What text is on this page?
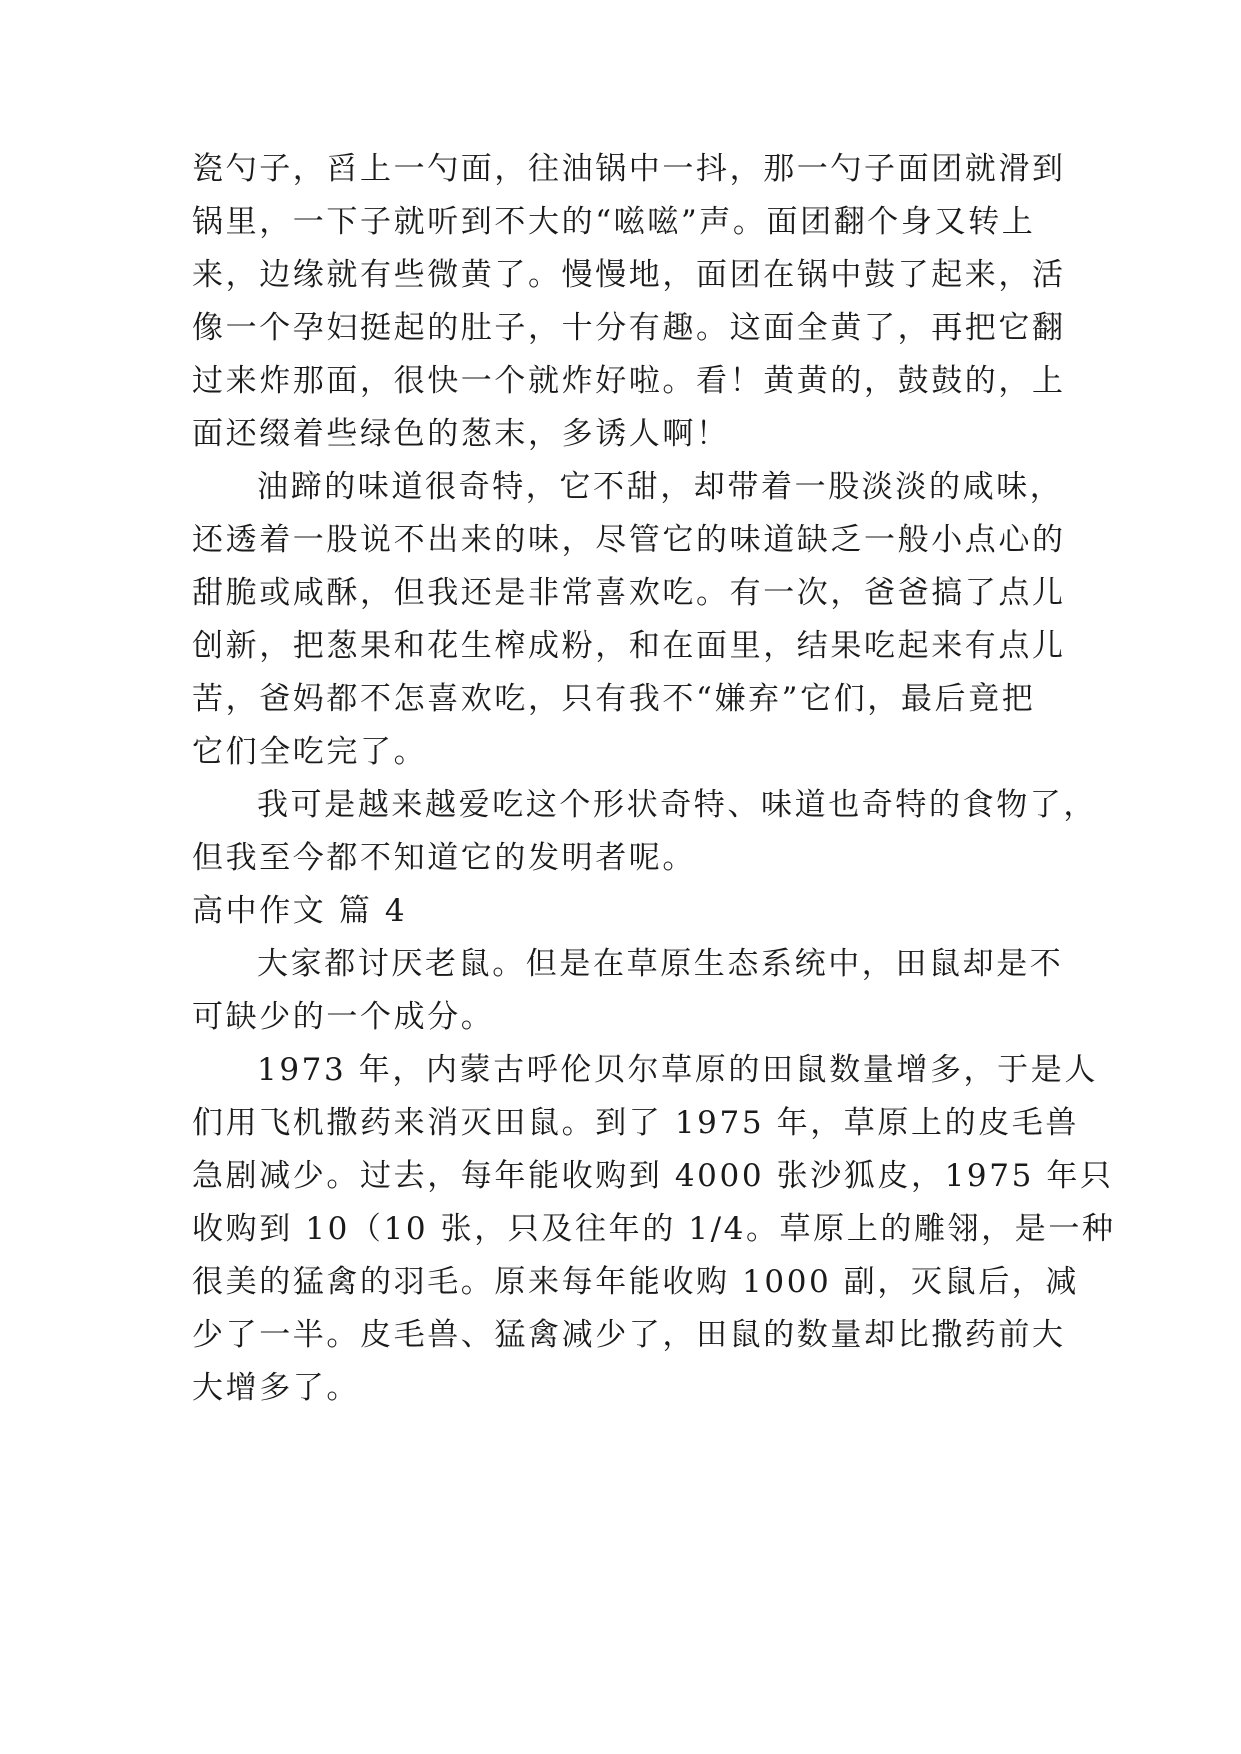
瓷勺子，舀上一勺面，往油锅中一抖，那一勺子面团就滑到
锅里，一下子就听到不大的“嗞嗞”声。面团翻个身又转上
来，边缘就有些微黄了。慢慢地，面团在锅中鼓了起来，活
像一个孕妇挺起的肚子，十分有趣。这面全黄了，再把它翻
过来炸那面，很快一个就炸好啦。看！黄黄的，鼓鼓的，上
面还缀着些绿色的葱末，多诱人啊！
油蹄的味道很奇特，它不甜，却带着一股淡淡的咸味，
还透着一股说不出来的味，尽管它的味道缺乏一般小点心的
甜脆或咸酥，但我还是非常喜欢吃。有一次，爸爸搞了点儿
创新，把葱果和花生榨成粉，和在面里，结果吃起来有点儿
苦，爸妈都不怎喜欢吃，只有我不“嫌弃”它们，最后竟把
它们全吃完了。
我可是越来越爱吃这个形状奇特、味道也奇特的食物了，
但我至今都不知道它的发明者呢。
高中作文 篇 4
大家都讨厌老鼠。但是在草原生态系统中，田鼠却是不
可缺少的一个成分。
1973 年，内蒙古呼伦贝尔草原的田鼠数量增多，于是人
们用飞机撒药来消灭田鼠。到了 1975 年，草原上的皮毛兽
急剧减少。过去，每年能收购到 4000 张沙狐皮，1975 年只
收购到 10（10 张，只及往年的 1/4。草原上的雕翎，是一种
很美的猛禽的羽毛。原来每年能收购 1000 副，灭鼠后，减
少了一半。皮毛兽、猛禽减少了，田鼠的数量却比撒药前大
大增多了。
